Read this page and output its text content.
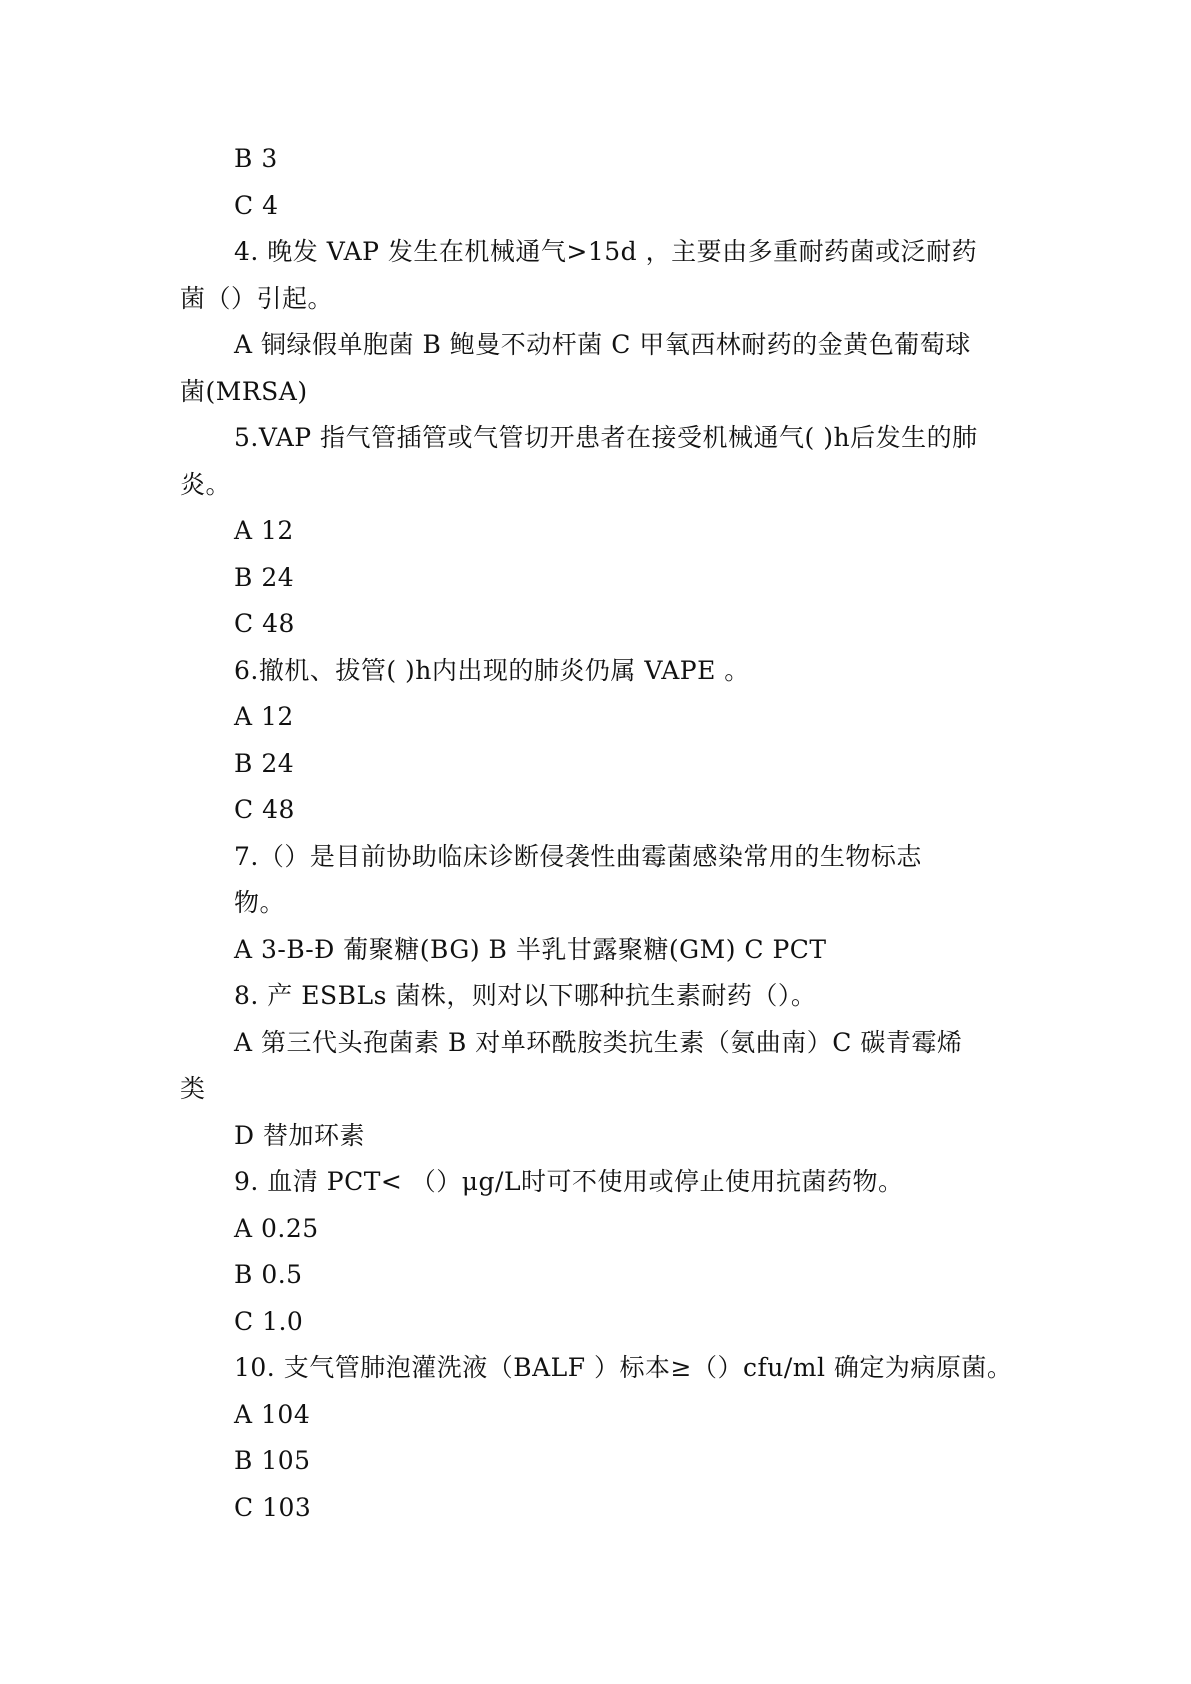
B 3
C 4
4. 晚发 VAP 发生在机械通气>15d ，主要由多重耐药菌或泛耐药
菌（）引起。
A 铜绿假单胞菌 B 鲍曼不动杆菌 C 甲氧西林耐药的金黄色葡萄球
菌(MRSA)
5.VAP 指气管插管或气管切开患者在接受机械通气( )h后发生的肺
炎。
A 12
B 24
C 48
6.撤机、拔管( )h内出现的肺炎仍属 VAPE 。
A 12
B 24
C 48
7.（）是目前协助临床诊断侵袭性曲霉菌感染常用的生物标志
物。
A 3-Β-Đ 葡聚糖(BG) B 半乳甘露聚糖(GM) C PCT
8. 产 ESBLs 菌株，则对以下哪种抗生素耐药（）。
A 第三代头孢菌素 B 对单环酰胺类抗生素（氨曲南）C 碳青霉烯
类
D 替加环素
9. 血清 PCT< （）μg/L时可不使用或停止使用抗菌药物。
A 0.25
B 0.5
C 1.0
10. 支气管肺泡灌洗液（BALF ）标本≥（）cfu/ml 确定为病原菌。
A 104
B 105
C 103
